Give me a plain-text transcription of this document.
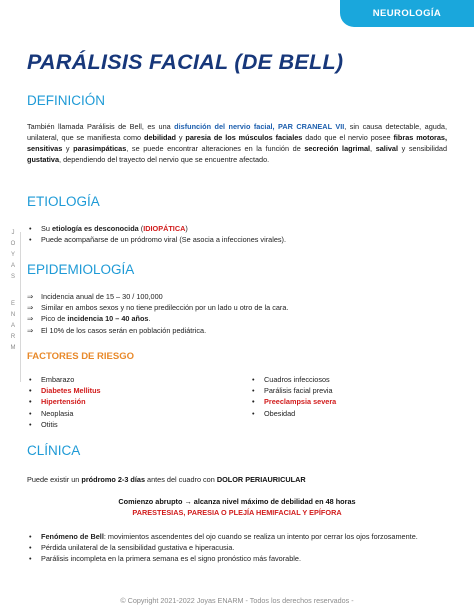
NEUROLOGÍA
J
O
Y
A
S
E
N
A
R
M
PARÁLISIS FACIAL (DE BELL)
DEFINICIÓN
También llamada Parálisis de Bell, es una disfunción del nervio facial, PAR CRANEAL VII, sin causa detectable, aguda, unilateral, que se manifiesta como debilidad y paresia de los músculos faciales dado que el nervio posee fibras motoras, sensitivas y parasimpáticas, se puede encontrar alteraciones en la función de secreción lagrimal, salival y sensibilidad gustativa, dependiendo del trayecto del nervio que se encuentre afectado.
ETIOLOGÍA
• Su etiología es desconocida (IDIOPÁTICA)
• Puede acompañarse de un pródromo viral (Se asocia a infecciones virales).
EPIDEMIOLOGÍA
⇒ Incidencia anual de 15 – 30 / 100,000
⇒ Similar en ambos sexos y no tiene predilección por un lado u otro de la cara.
⇒ Pico de incidencia 10 – 40 años.
⇒ El 10% de los casos serán en población pediátrica.
FACTORES DE RIESGO
• Embarazo
• Diabetes Mellitus
• Hipertensión
• Neoplasia
• Otitis
• Cuadros infecciosos
• Parálisis facial previa
• Preeclampsia severa
• Obesidad
CLÍNICA
Puede existir un pródromo 2-3 días antes del cuadro con DOLOR PERIAURICULAR
Comienzo abrupto → alcanza nivel máximo de debilidad en 48 horas
PARESTESIAS, PARESIA O PLEJÍA HEMIFACIAL Y EPÍFORA
• Fenómeno de Bell: movimientos ascendentes del ojo cuando se realiza un intento por cerrar los ojos forzosamente.
• Pérdida unilateral de la sensibilidad gustativa e hiperacusia.
• Parálisis incompleta en la primera semana es el signo pronóstico más favorable.
© Copyright 2021-2022 Joyas ENARM - Todos los derechos reservados -
